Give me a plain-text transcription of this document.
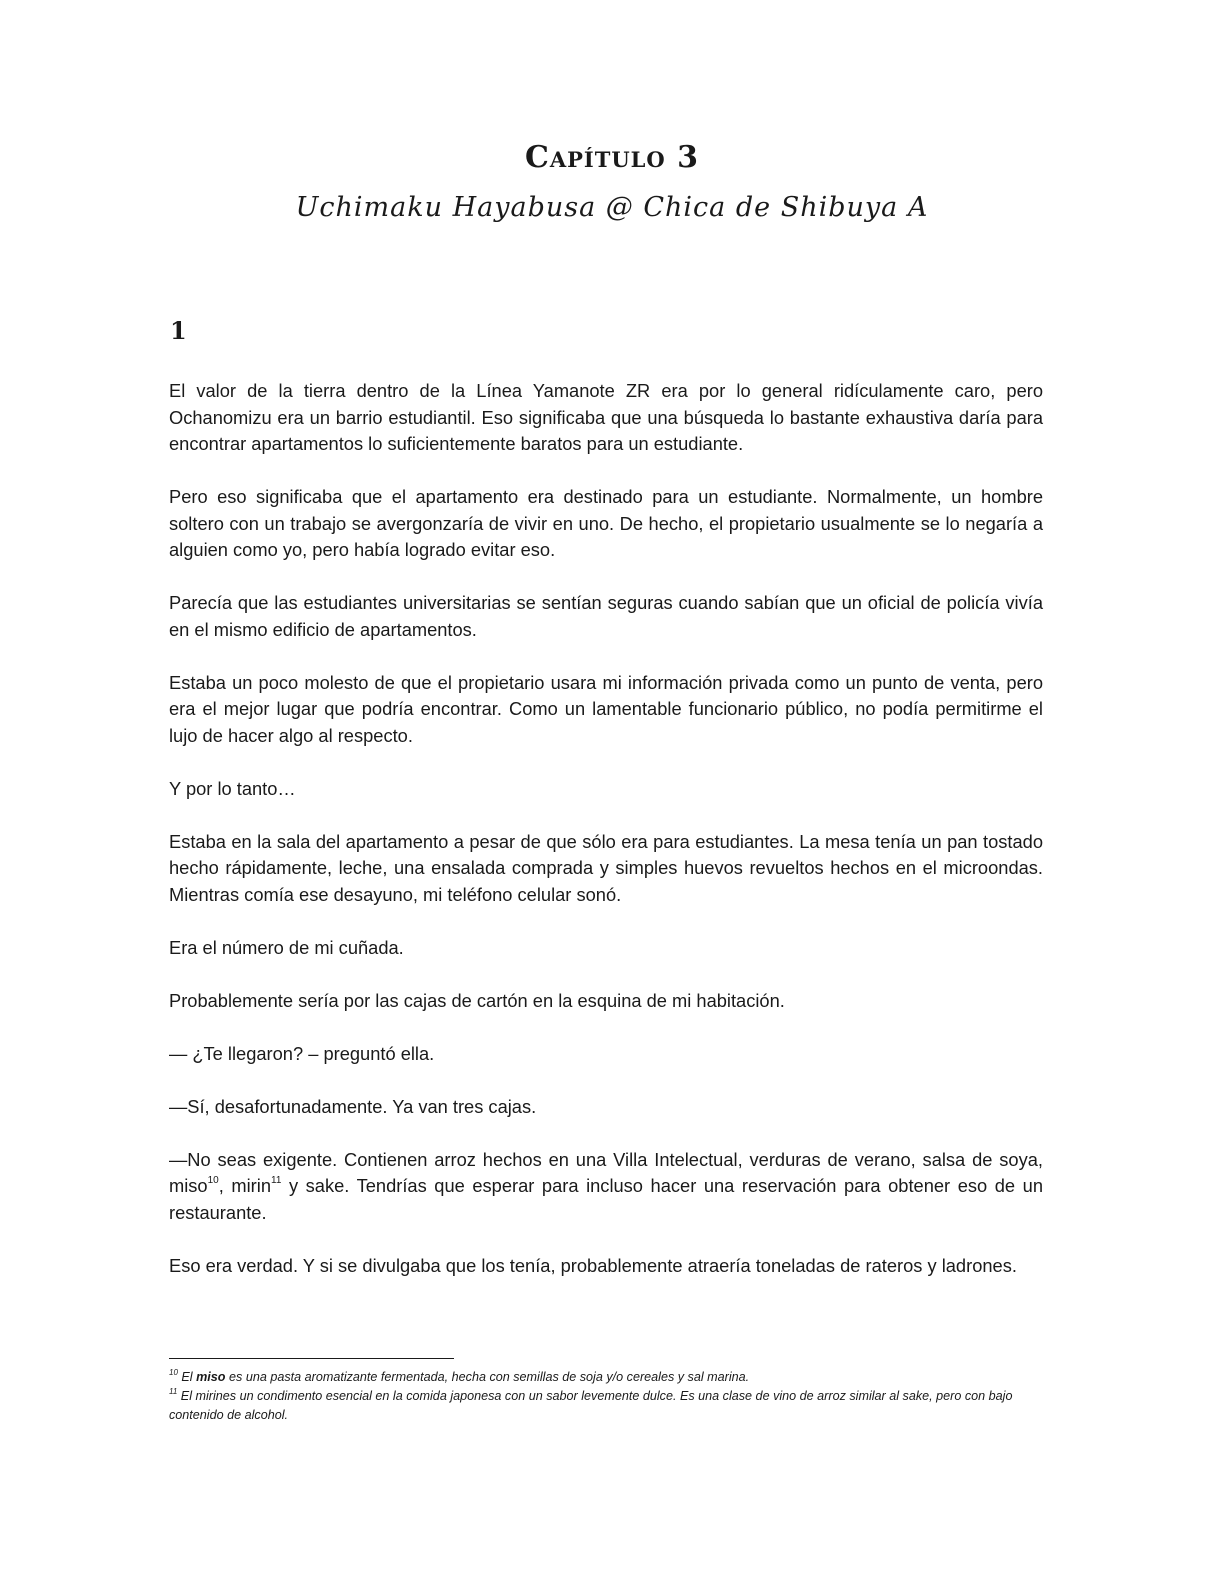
Capítulo 3
Uchimaku Hayabusa @ Chica de Shibuya A
1

El valor de la tierra dentro de la Línea Yamanote ZR era por lo general ridículamente caro, pero Ochanomizu era un barrio estudiantil. Eso significaba que una búsqueda lo bastante exhaustiva daría para encontrar apartamentos lo suficientemente baratos para un estudiante.

Pero eso significaba que el apartamento era destinado para un estudiante. Normalmente, un hombre soltero con un trabajo se avergonzaría de vivir en uno. De hecho, el propietario usualmente se lo negaría a alguien como yo, pero había logrado evitar eso.

Parecía que las estudiantes universitarias se sentían seguras cuando sabían que un oficial de policía vivía en el mismo edificio de apartamentos.

Estaba un poco molesto de que el propietario usara mi información privada como un punto de venta, pero era el mejor lugar que podría encontrar. Como un lamentable funcionario público, no podía permitirme el lujo de hacer algo al respecto.

Y por lo tanto…

Estaba en la sala del apartamento a pesar de que sólo era para estudiantes. La mesa tenía un pan tostado hecho rápidamente, leche, una ensalada comprada y simples huevos revueltos hechos en el microondas. Mientras comía ese desayuno, mi teléfono celular sonó.

Era el número de mi cuñada.

Probablemente sería por las cajas de cartón en la esquina de mi habitación.

— ¿Te llegaron? – preguntó ella.

—Sí, desafortunadamente. Ya van tres cajas.

—No seas exigente. Contienen arroz hechos en una Villa Intelectual, verduras de verano, salsa de soya, miso$^{10}$, mirin$^{11}$ y sake. Tendrías que esperar para incluso hacer una reservación para obtener eso de un restaurante.

Eso era verdad. Y si se divulgaba que los tenía, probablemente atraería toneladas de rateros y ladrones.

$^{10}$ El miso es una pasta aromatizante fermentada, hecha con semillas de soja y/o cereales y sal marina.

$^{11}$ El mirines un condimento esencial en la comida japonesa con un sabor levemente dulce. Es una clase de vino de arroz similar al sake, pero con bajo contenido de alcohol.
